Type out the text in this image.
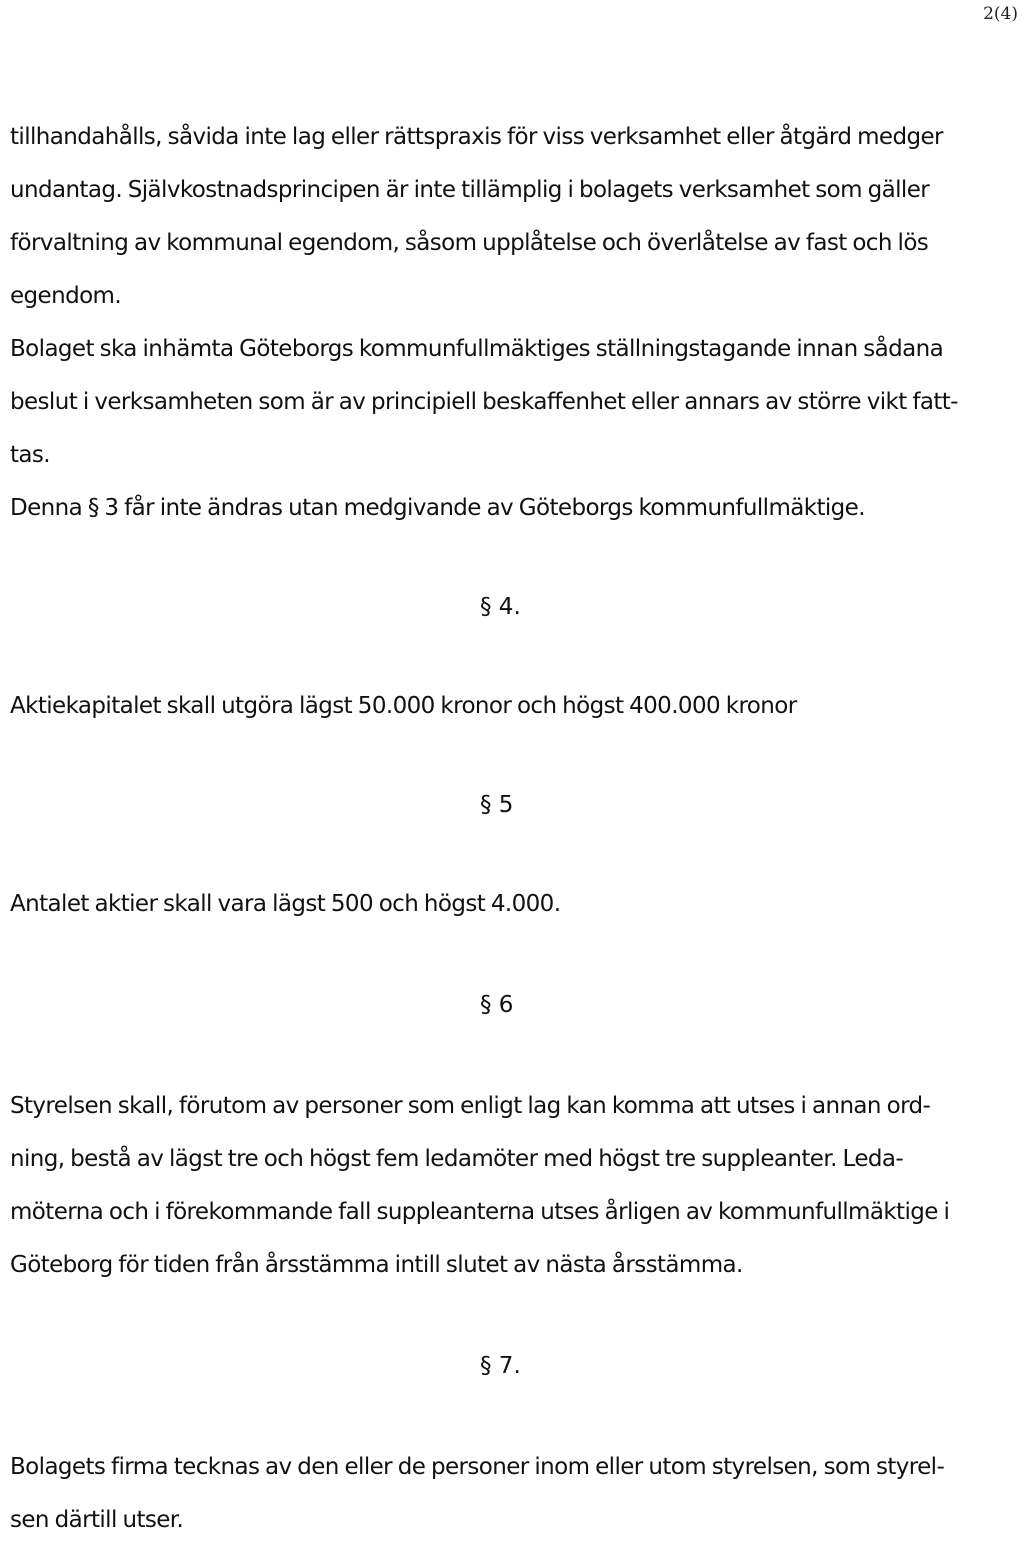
2(4)

tillhandahålls, såvida inte lag eller rättspraxis för viss verksamhet eller åtgärd medger
undantag. Självkostnadsprincipen är inte tillämplig i bolagets verksamhet som gäller
förvaltning av kommunal egendom, såsom upplåtelse och överlåtelse av fast och lös
egendom.

Bolaget ska inhämta Göteborgs kommunfullmäktiges ställningstagande innan sådana
beslut i verksamheten som är av principiell beskaffenhet eller annars av större vikt fatt-
tas.

Denna § 3 får inte ändras utan medgivande av Göteborgs kommunfullmäktige.

§ 4.

Aktiekapitalet skall utgöra lägst 50.000 kronor och högst 400.000 kronor

§ 5

Antalet aktier skall vara lägst 500 och högst 4.000.

§ 6

Styrelsen skall, förutom av personer som enligt lag kan komma att utses i annan ord-
ning, bestå av lägst tre och högst fem ledamöter med högst tre suppleanter. Leda-
möterna och i förekommande fall suppleanterna utses årligen av kommunfullmäktige i
Göteborg för tiden från årsstämma intill slutet av nästa årsstämma.

§ 7.

Bolagets firma tecknas av den eller de personer inom eller utom styrelsen, som styrel-
sen därtill utser.
